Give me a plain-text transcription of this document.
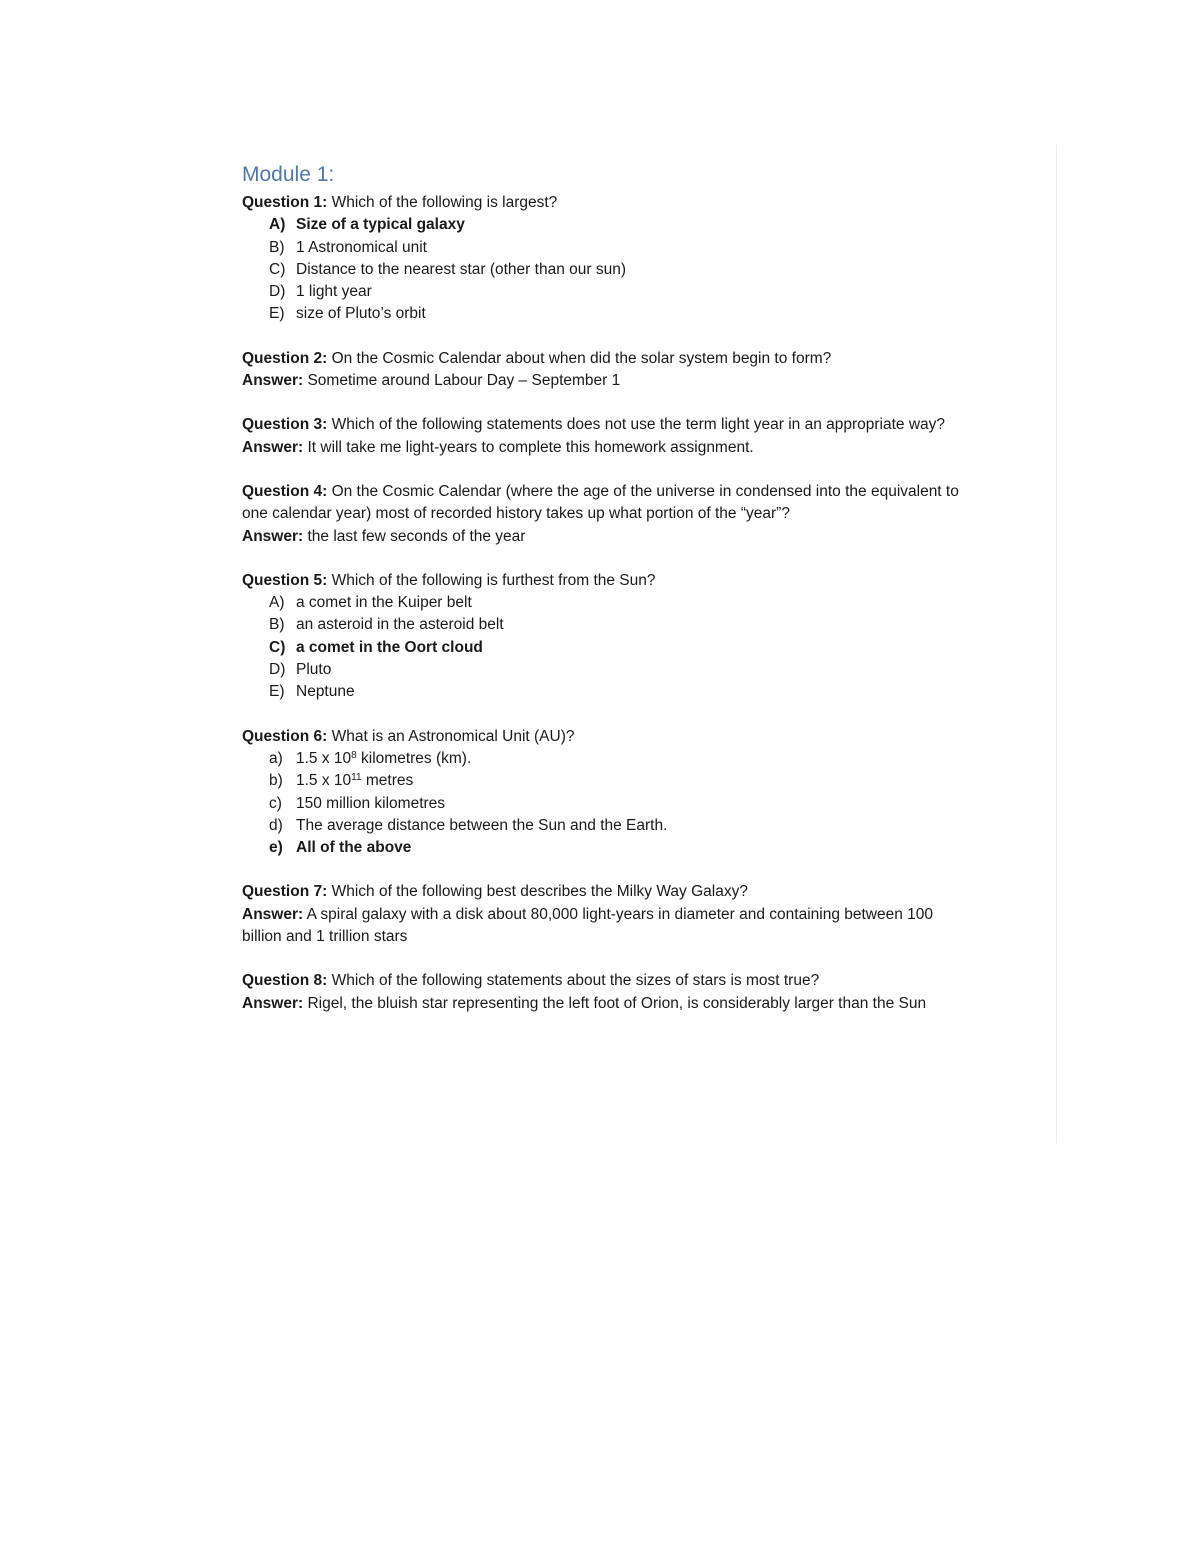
Module 1:

Question 1: Which of the following is largest?

A) Size of a typical galaxy
B) 1 Astronomical unit
C) Distance to the nearest star (other than our sun)
D) 1 light year
E) size of Pluto’s orbit

Question 2: On the Cosmic Calendar about when did the solar system begin to form?

Answer: Sometime around Labour Day – September 1

Question 3: Which of the following statements does not use the term light year in an appropriate way?

Answer: It will take me light-years to complete this homework assignment.

Question 4: On the Cosmic Calendar (where the age of the universe in condensed into the equivalent to one calendar year) most of recorded history takes up what portion of the “year”?

Answer: the last few seconds of the year

Question 5: Which of the following is furthest from the Sun?

A) a comet in the Kuiper belt
B) an asteroid in the asteroid belt
C) a comet in the Oort cloud
D) Pluto
E) Neptune

Question 6: What is an Astronomical Unit (AU)?

a) 1.5 x $10^8$ kilometres (km).
b) 1.5 x $10^{11}$ metres
c) 150 million kilometres
d) The average distance between the Sun and the Earth.
e) All of the above

Question 7: Which of the following best describes the Milky Way Galaxy?

Answer: A spiral galaxy with a disk about 80,000 light-years in diameter and containing between 100 billion and 1 trillion stars

Question 8: Which of the following statements about the sizes of stars is most true?

Answer: Rigel, the bluish star representing the left foot of Orion, is considerably larger than the Sun
